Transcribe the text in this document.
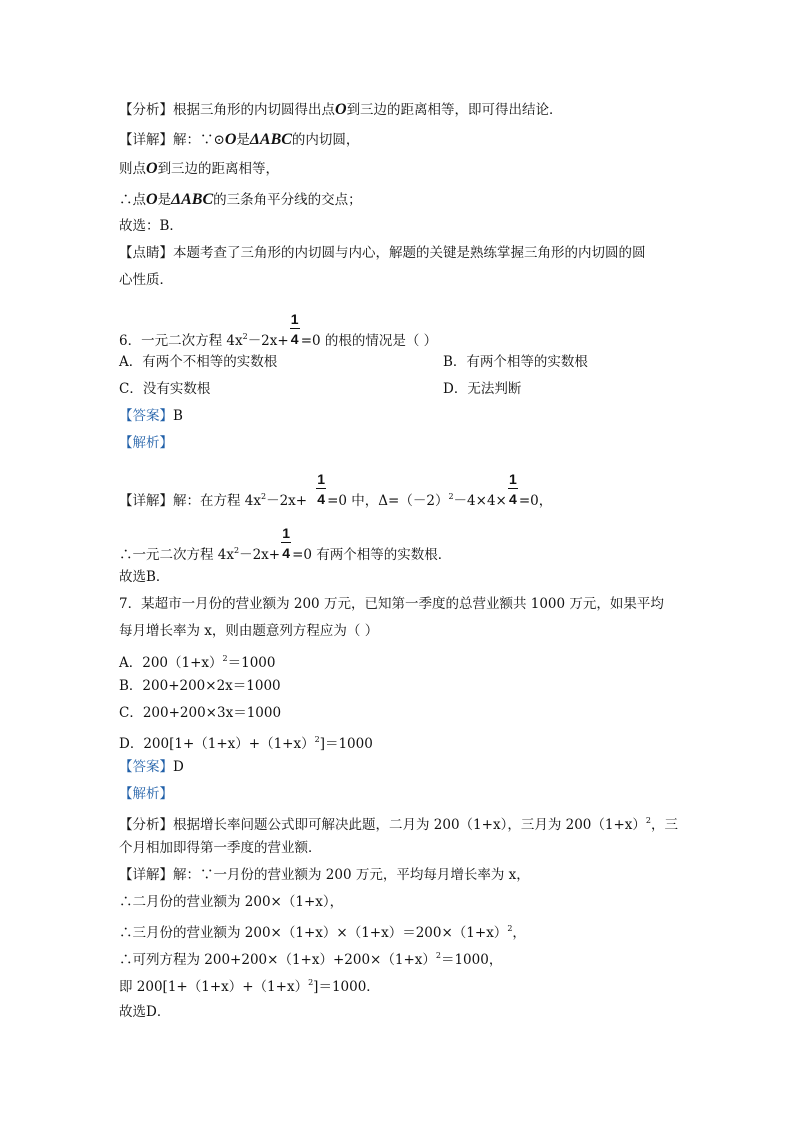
【分析】根据三角形的内切圆得出点O到三边的距离相等，即可得出结论．
【详解】解：∵⊙O是ΔABC的内切圆，
则点O到三边的距离相等，
∴点O是ΔABC的三条角平分线的交点；
故选：B．
【点睛】本题考查了三角形的内切圆与内心，解题的关键是熟练掌握三角形的内切圆的圆
心性质．
6．一元二次方程 $4x^2-2x+ \frac{1}{4} =0$ 的根的情况是（ ）
A．有两个不相等的实数根	B．有两个相等的实数根
C．没有实数根	D．无法判断
【答案】B
【解析】
【详解】解：在方程 $4x^2-2x+ \frac{1}{4} =0$ 中，$\Delta=(-2)^2-4\times 4\times \frac{1}{4} =0$，
∴一元二次方程 $4x^2-2x+ \frac{1}{4} =0$ 有两个相等的实数根．
故选B．
7．某超市一月份的营业额为 200 万元，已知第一季度的总营业额共 1000 万元，如果平均
每月增长率为 x，则由题意列方程应为（ ）
A．$200(1+x)^2=1000$
B．200+200×2x＝1000
C．200+200×3x＝1000
D．$200[1+(1+x)+(1+x)^2]=1000$
【答案】D
【解析】
【分析】根据增长率问题公式即可解决此题，二月为 200（1+x），三月为 $200(1+x)^2$，三
个月相加即得第一季度的营业额．
【详解】解：∵一月份的营业额为 200 万元，平均每月增长率为 x，
∴二月份的营业额为 200×（1+x），
∴三月份的营业额为 $200\times(1+x)\times(1+x)=200\times(1+x)^2$，
∴可列方程为 $200+200\times(1+x)+200\times(1+x)^2=1000$，
即 $200[1+(1+x)+(1+x)^2]=1000$．
故选D．
